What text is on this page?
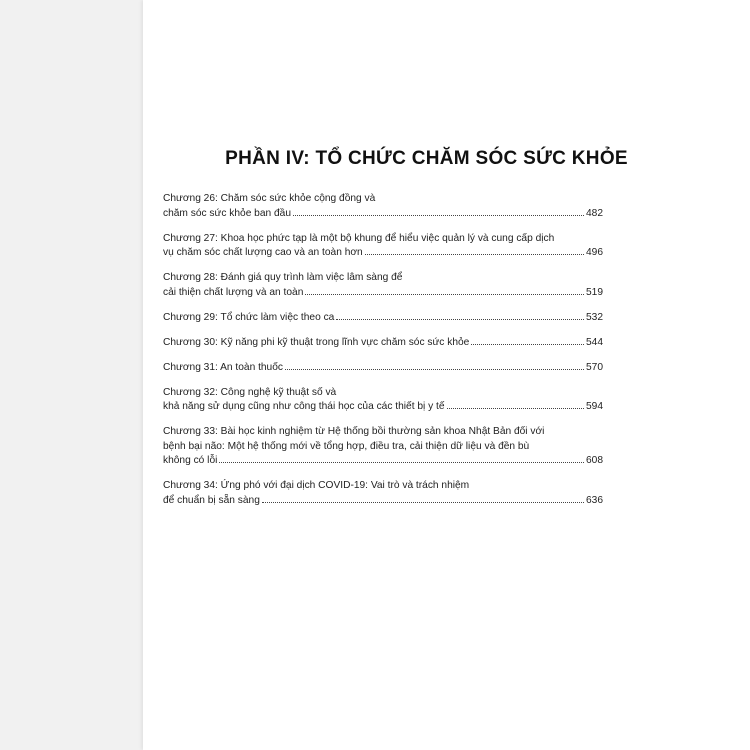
PHẦN IV: TỔ CHỨC CHĂM SÓC SỨC KHỎE
Chương 26: Chăm sóc sức khỏe cộng đồng và
chăm sóc sức khỏe ban đầu	482
Chương 27: Khoa học phức tạp là một bộ khung để hiểu việc quản lý và cung cấp dịch
vụ chăm sóc chất lượng cao và an toàn hơn	496
Chương 28: Đánh giá quy trình làm việc lâm sàng để
cải thiện chất lượng và an toàn	519
Chương 29: Tổ chức làm việc theo ca	532
Chương 30: Kỹ năng phi kỹ thuật trong lĩnh vực chăm sóc sức khỏe	544
Chương 31: An toàn thuốc	570
Chương 32: Công nghệ kỹ thuật số và
khả năng sử dụng cũng như công thái học của các thiết bị y tế	594
Chương 33: Bài học kinh nghiệm từ Hệ thống bồi thường sản khoa Nhật Bản đối với
bệnh bại não: Một hệ thống mới về tổng hợp, điều tra, cải thiện dữ liệu và đền bù
không có lỗi	608
Chương 34: Ứng phó với đại dịch COVID-19: Vai trò và trách nhiệm
để chuẩn bị sẵn sàng	636
